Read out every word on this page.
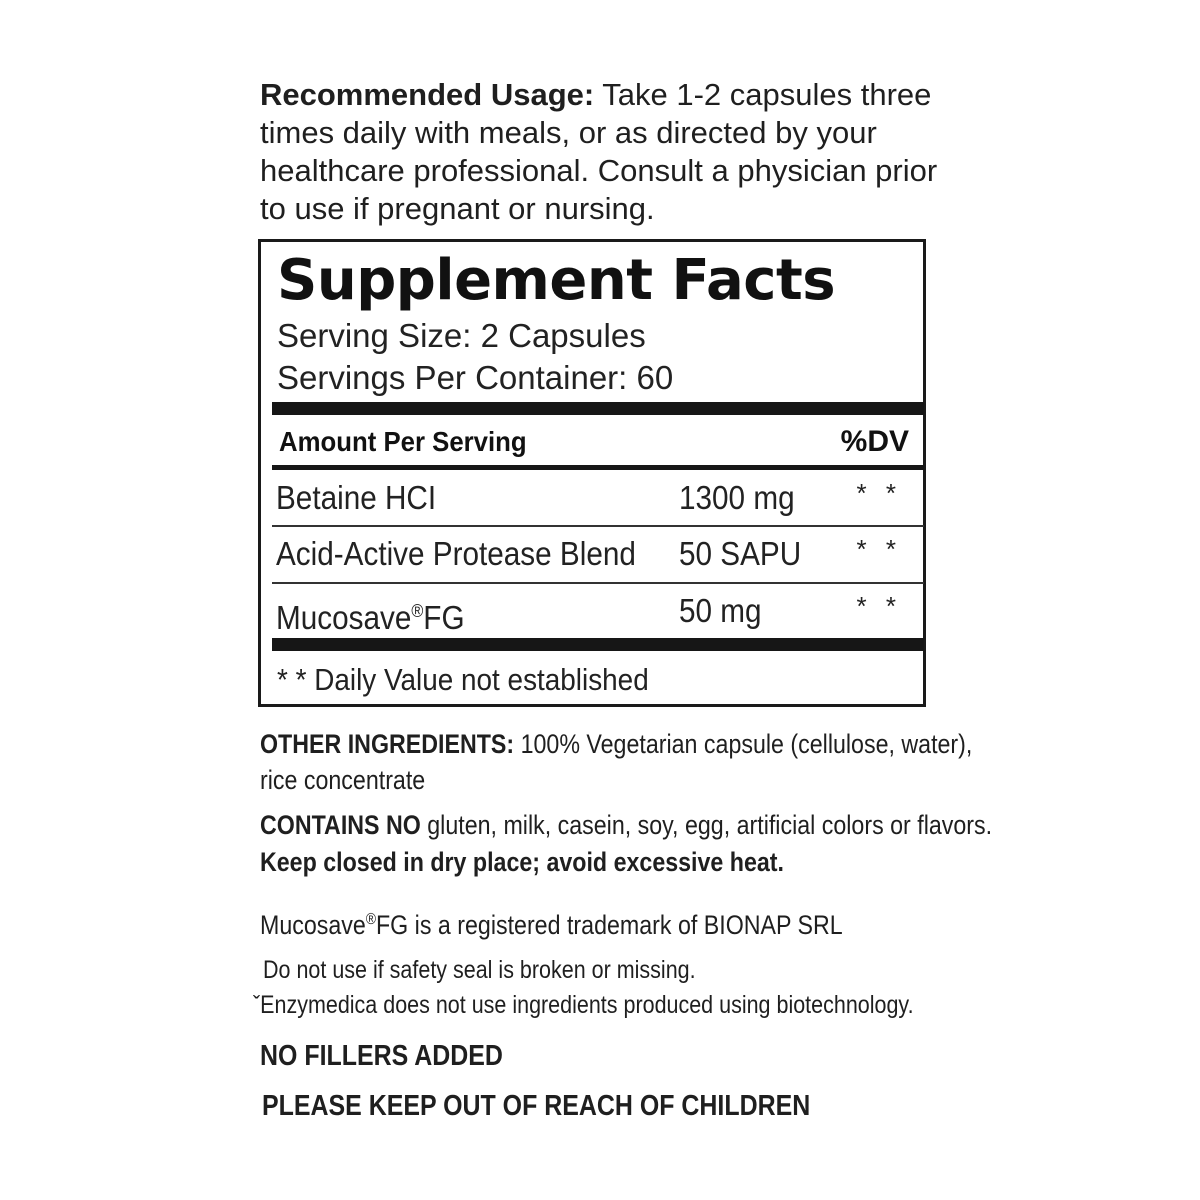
Recommended Usage: Take 1-2 capsules three times daily with meals, or as directed by your healthcare professional. Consult a physician prior to use if pregnant or nursing.

Supplement Facts
Serving Size: 2 Capsules
Servings Per Container: 60
Amount Per Serving	%DV
Betaine HCI	1300 mg * *
Acid-Active Protease Blend 50 SAPU * *
Mucosave®FG	50 mg	* *
* * Daily Value not established
OTHER INGREDIENTS: 100% Vegetarian capsule (cellulose, water),
rice concentrate
CONTAINS NO gluten, milk, casein, soy, egg, artificial colors or flavors.
Keep closed in dry place; avoid excessive heat.
Mucosave®FG is a registered trademark of BIONAP SRL
Do not use if safety seal is broken or missing.
ˇEnzymedica does not use ingredients produced using biotechnology.
NO FILLERS ADDED
PLEASE KEEP OUT OF REACH OF CHILDREN
